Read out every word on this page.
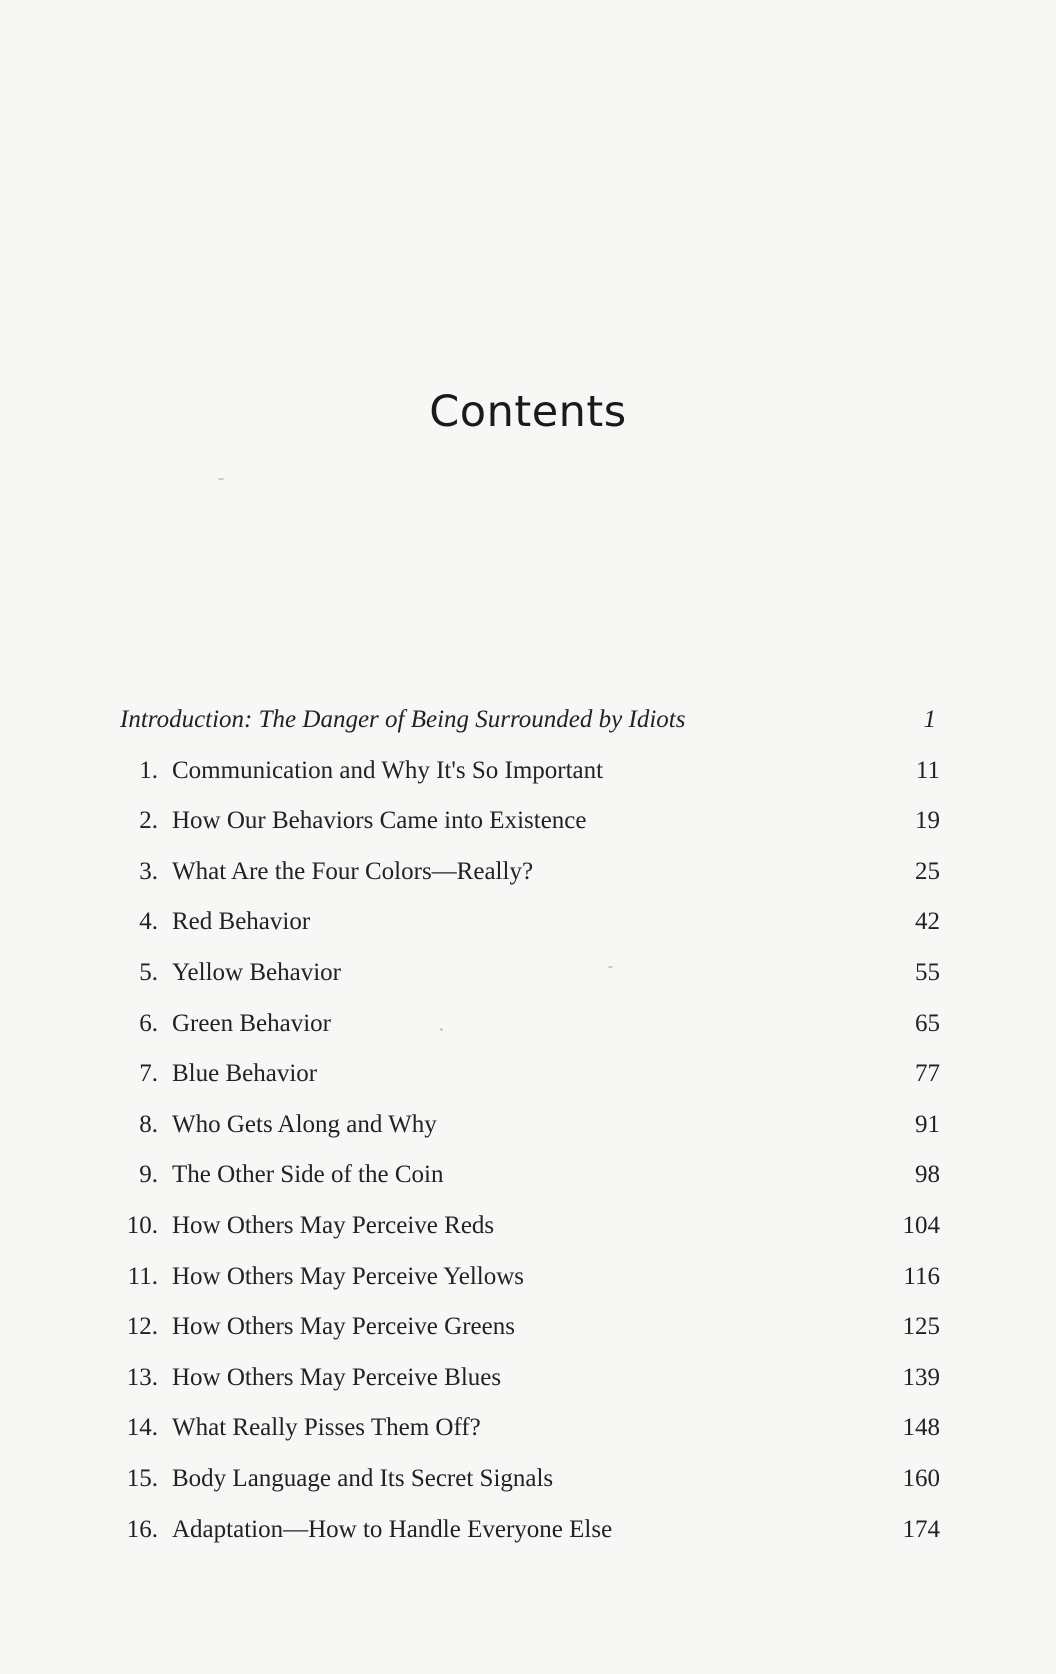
Contents
Introduction: The Danger of Being Surrounded by Idiots	1
1. Communication and Why It's So Important	11
2. How Our Behaviors Came into Existence	19
3. What Are the Four Colors—Really?	25
4. Red Behavior	42
5. Yellow Behavior	55
6. Green Behavior	65
7. Blue Behavior	77
8. Who Gets Along and Why	91
9. The Other Side of the Coin	98
10. How Others May Perceive Reds	104
11. How Others May Perceive Yellows	116
12. How Others May Perceive Greens	125
13. How Others May Perceive Blues	139
14. What Really Pisses Them Off?	148
15. Body Language and Its Secret Signals	160
16. Adaptation—How to Handle Everyone Else	174
